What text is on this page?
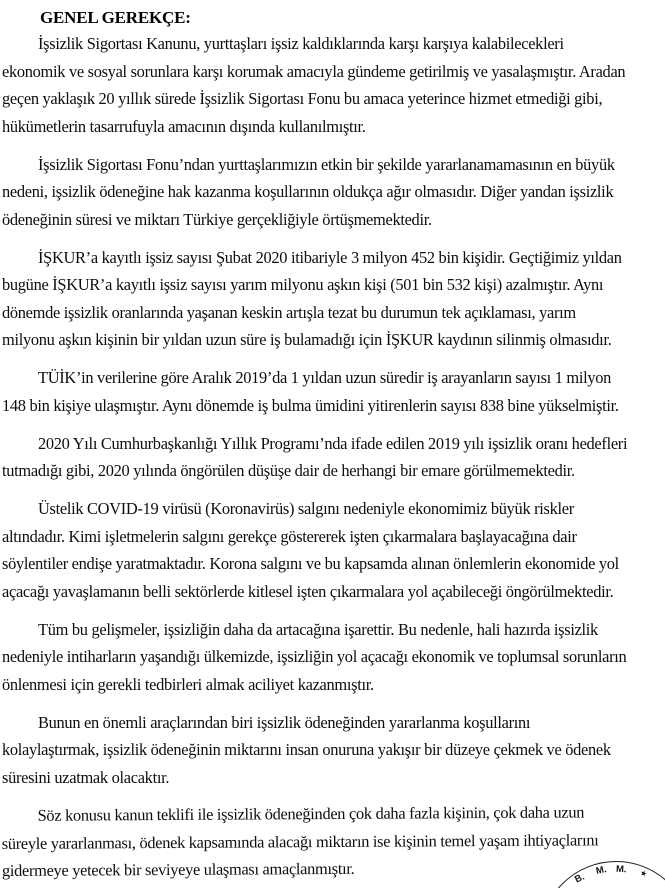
GENEL GEREKÇE:

İşsizlik Sigortası Kanunu, yurttaşları işsiz kaldıklarında karşı karşıya kalabilecekleri
ekonomik ve sosyal sorunlara karşı korumak amacıyla gündeme getirilmiş ve yasalaşmıştır. Aradan
geçen yaklaşık 20 yıllık sürede İşsizlik Sigortası Fonu bu amaca yeterince hizmet etmediği gibi,
hükümetlerin tasarrufuyla amacının dışında kullanılmıştır.

İşsizlik Sigortası Fonu’ndan yurttaşlarımızın etkin bir şekilde yararlanamamasının en büyük
nedeni, işsizlik ödeneğine hak kazanma koşullarının oldukça ağır olmasıdır. Diğer yandan işsizlik
ödeneğinin süresi ve miktarı Türkiye gerçekliğiyle örtüşmemektedir.

İŞKUR’a kayıtlı işsiz sayısı Şubat 2020 itibariyle 3 milyon 452 bin kişidir. Geçtiğimiz yıldan
bugüne İŞKUR’a kayıtlı işsiz sayısı yarım milyonu aşkın kişi (501 bin 532 kişi) azalmıştır. Aynı
dönemde işsizlik oranlarında yaşanan keskin artışla tezat bu durumun tek açıklaması, yarım
milyonu aşkın kişinin bir yıldan uzun süre iş bulamadığı için İŞKUR kaydının silinmiş olmasıdır.

TÜİK’in verilerine göre Aralık 2019’da 1 yıldan uzun süredir iş arayanların sayısı 1 milyon
148 bin kişiye ulaşmıştır. Aynı dönemde iş bulma ümidini yitirenlerin sayısı 838 bine yükselmiştir.

2020 Yılı Cumhurbaşkanlığı Yıllık Programı’nda ifade edilen 2019 yılı işsizlik oranı hedefleri
tutmadığı gibi, 2020 yılında öngörülen düşüşe dair de herhangi bir emare görülmemektedir.

Üstelik COVID-19 virüsü (Koronavirüs) salgını nedeniyle ekonomimiz büyük riskler
altındadır. Kimi işletmelerin salgını gerekçe göstererek işten çıkarmalara başlayacağına dair
söylentiler endişe yaratmaktadır. Korona salgını ve bu kapsamda alınan önlemlerin ekonomide yol
açacağı yavaşlamanın belli sektörlerde kitlesel işten çıkarmalara yol açabileceği öngörülmektedir.

Tüm bu gelişmeler, işsizliğin daha da artacağına işarettir. Bu nedenle, hali hazırda işsizlik
nedeniyle intiharların yaşandığı ülkemizde, işsizliğin yol açacağı ekonomik ve toplumsal sorunların
önlenmesi için gerekli tedbirleri almak aciliyet kazanmıştır.

Bunun en önemli araçlarından biri işsizlik ödeneğinden yararlanma koşullarını
kolaylaştırmak, işsizlik ödeneğinin miktarını insan onuruna yakışır bir düzeye çekmek ve ödenek
süresini uzatmak olacaktır.

Söz konusu kanun teklifi ile işsizlik ödeneğinden çok daha fazla kişinin, çok daha uzun
süreyle yararlanması, ödenek kapsamında alacağı miktarın ise kişinin temel yaşam ihtiyaçlarını
gidermeye yetecek bir seviyeye ulaşması amaçlanmıştır.	B.
M. M. ★
